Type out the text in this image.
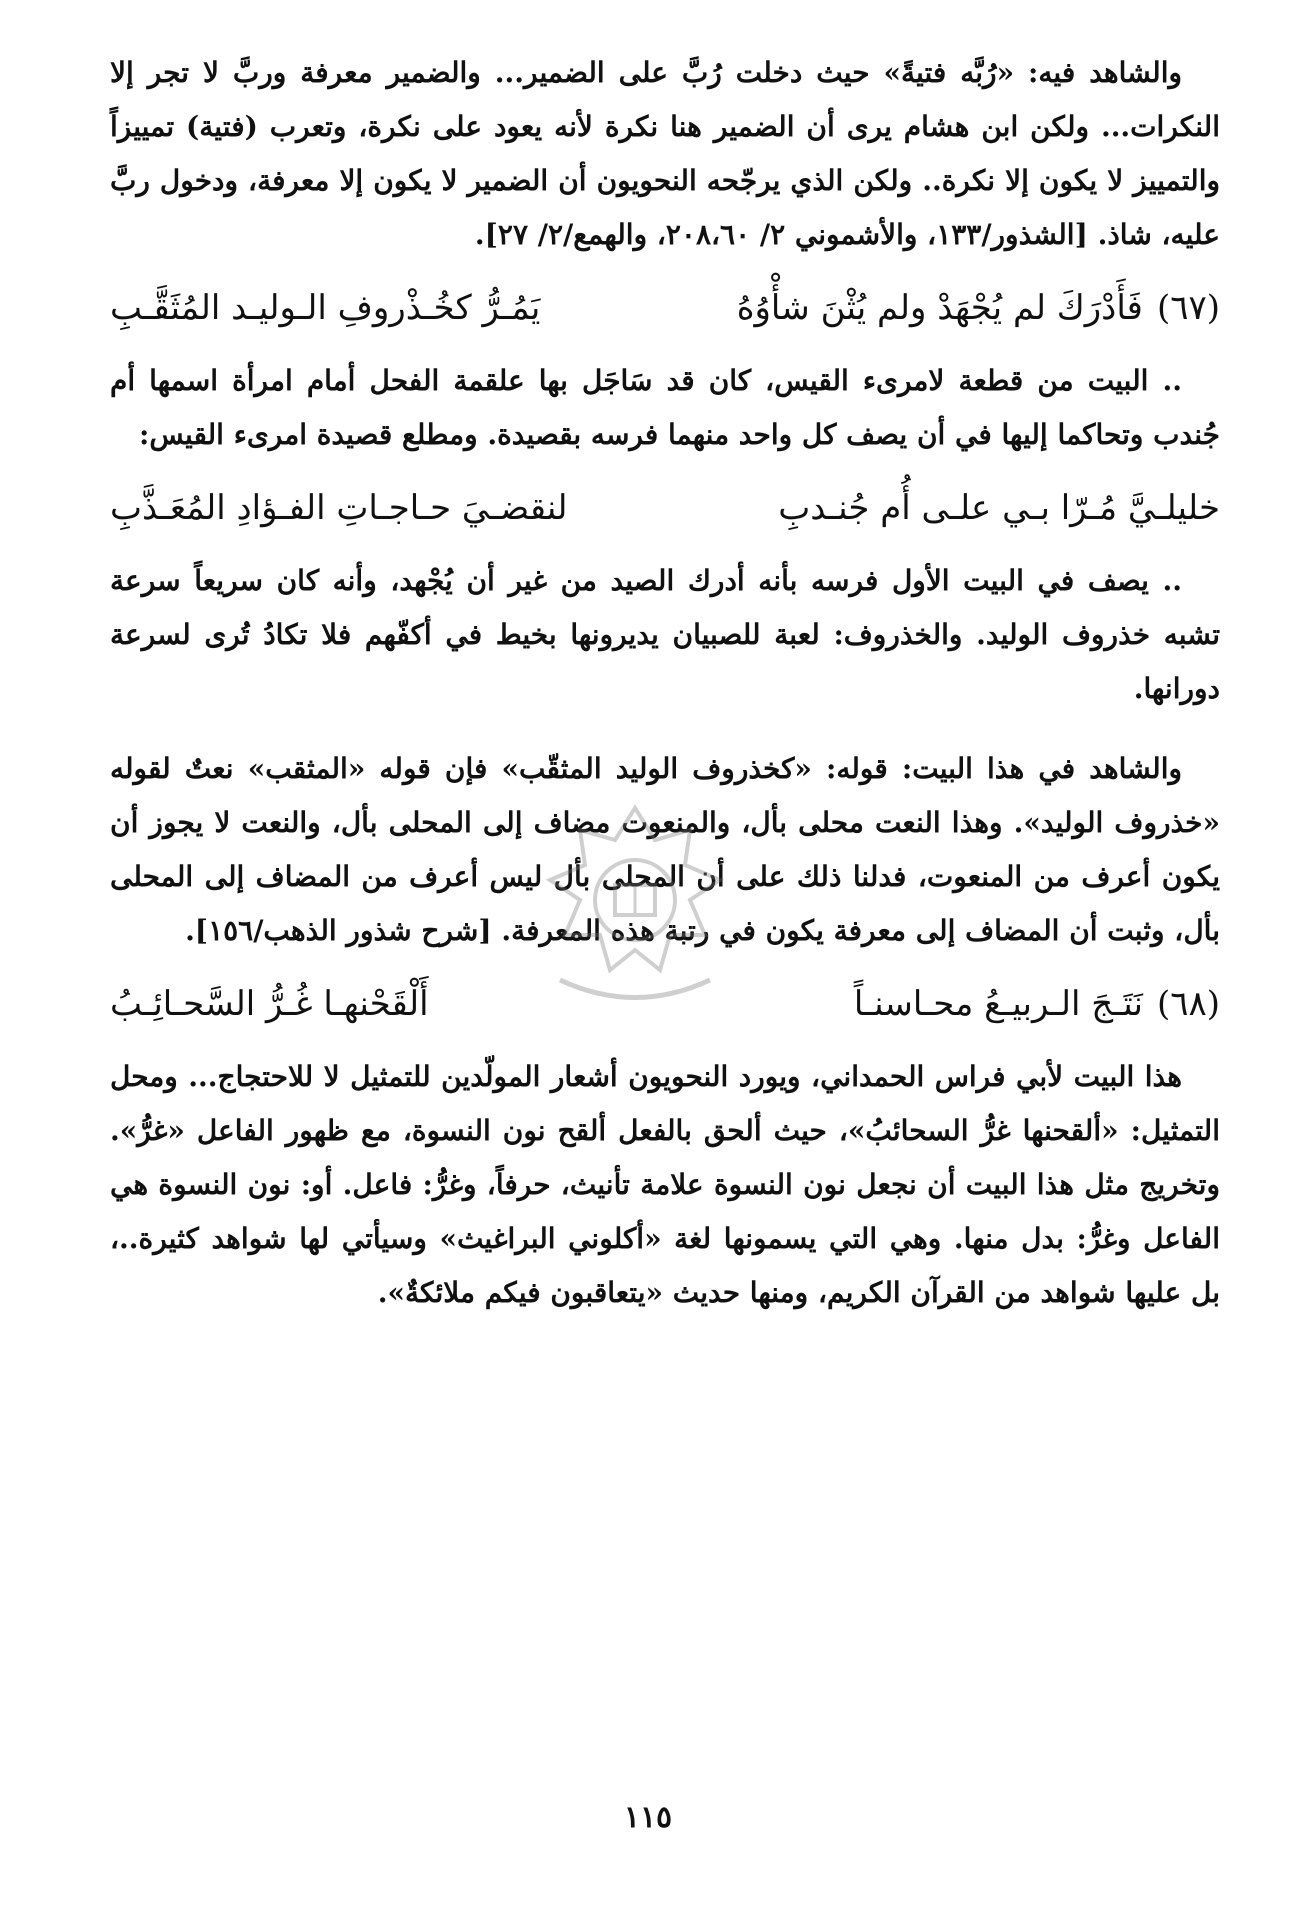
والشاهد فيه: «رُبَّه فتيةً» حيث دخلت رُبَّ على الضمير... والضمير معرفة وربَّ لا تجر إلا النكرات... ولكن ابن هشام يرى أن الضمير هنا نكرة لأنه يعود على نكرة، وتعرب (فتية) تمييزاً والتمييز لا يكون إلا نكرة.. ولكن الذي يرجّحه النحويون أن الضمير لا يكون إلا معرفة، ودخول ربَّ عليه، شاذ. [الشذور/١٣٣، والأشموني ٢/ ٢٠٨،٦٠، والهمع/٢/ ٢٧].

(٦٧)
فَأَدْرَكَ لم يُجْهَدْ ولم يُثْنَ شأْوُهُ
يَمُـرُّ كخُـذْروفِ الـوليـد المُثَقَّـبِ

.. البيت من قطعة لامرىء القيس، كان قد سَاجَل بها علقمة الفحل أمام امرأة اسمها أم جُندب وتحاكما إليها في أن يصف كل واحد منهما فرسه بقصيدة. ومطلع قصيدة امرىء القيس:

خليلـيَّ مُـرّا بـي علـى أُم جُنـدبِ
لنقضـيَ حـاجـاتِ الفـؤادِ المُعَـذَّبِ

.. يصف في البيت الأول فرسه بأنه أدرك الصيد من غير أن يُجْهد، وأنه كان سريعاً سرعة تشبه خذروف الوليد. والخذروف: لعبة للصبيان يديرونها بخيط في أكفّهم فلا تكادُ تُرى لسرعة دورانها.

والشاهد في هذا البيت: قوله: «كخذروف الوليد المثقّب» فإن قوله «المثقب» نعتٌ لقوله «خذروف الوليد». وهذا النعت محلى بأل، والمنعوت مضاف إلى المحلى بأل، والنعت لا يجوز أن يكون أعرف من المنعوت، فدلنا ذلك على أن المحلى بأل ليس أعرف من المضاف إلى المحلى بأل، وثبت أن المضاف إلى معرفة يكون في رتبة هذه المعرفة. [شرح شذور الذهب/١٥٦].

(٦٨)
نَتَـجَ الـربيـعُ محـاسنـاً
أَلْقَحْنهـا غُـرُّ السَّحـائِـبُ

هذا البيت لأبي فراس الحمداني، ويورد النحويون أشعار المولّدين للتمثيل لا للاحتجاج... ومحل التمثيل: «ألقحنها غرُّ السحائبُ»، حيث ألحق بالفعل ألقح نون النسوة، مع ظهور الفاعل «غرُّ». وتخريج مثل هذا البيت أن نجعل نون النسوة علامة تأنيث، حرفاً، وغرُّ: فاعل. أو: نون النسوة هي الفاعل وغرُّ: بدل منها. وهي التي يسمونها لغة «أكلوني البراغيث» وسيأتي لها شواهد كثيرة..، بل عليها شواهد من القرآن الكريم، ومنها حديث «يتعاقبون فيكم ملائكةٌ».

١١٥
